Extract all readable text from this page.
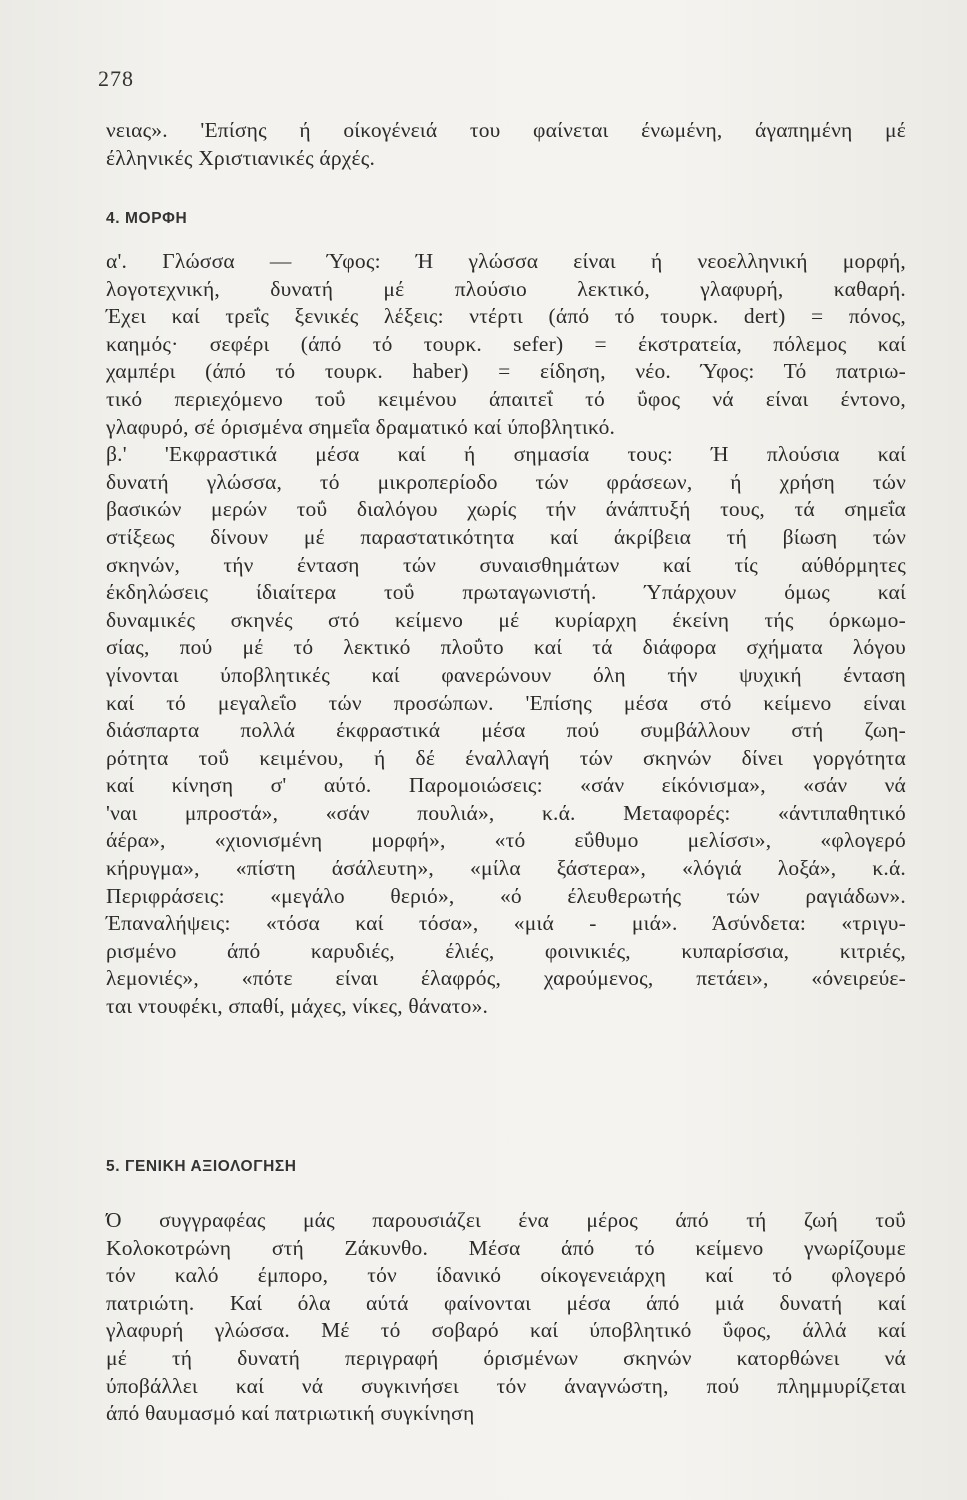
278
νειας». 'Επίσης ή οίκογένειά του φαίνεται ένωμένη, άγαπημένη μέ
έλληνικές Χριστιανικές άρχές.
4. ΜΟΡΦΗ
α'. Γλώσσα — Ύφος: Ή γλώσσα είναι ή νεοελληνική μορφή,
λογοτεχνική, δυνατή μέ πλούσιο λεκτικό, γλαφυρή, καθαρή.
Έχει καί τρεΐς ξενικές λέξεις: ντέρτι (άπό τό τουρκ. dert) = πόνος,
καημός· σεφέρι (άπό τό τουρκ. sefer) = έκστρατεία, πόλεμος καί
χαμπέρι (άπό τό τουρκ. haber) = είδηση, νέο. Ύφος: Τό πατριω-
τικό περιεχόμενο τοΰ κειμένου άπαιτεΐ τό ΰφος νά είναι έντονο,
γλαφυρό, σέ όρισμένα σημεΐα δραματικό καί ύποβλητικό.
β.' 'Εκφραστικά μέσα καί ή σημασία τους: Ή πλούσια καί
δυνατή γλώσσα, τό μικροπερίοδο τών φράσεων, ή χρήση τών
βασικών μερών τοΰ διαλόγου χωρίς τήν άνάπτυξή τους, τά σημεΐα
στίξεως δίνουν μέ παραστατικότητα καί άκρίβεια τή βίωση τών
σκηνών, τήν ένταση τών συναισθημάτων καί τίς αύθόρμητες
έκδηλώσεις ίδιαίτερα τοΰ πρωταγωνιστή. Ύπάρχουν όμως καί
δυναμικές σκηνές στό κείμενο μέ κυρίαρχη έκείνη τής όρκωμο-
σίας, πού μέ τό λεκτικό πλοΰτο καί τά διάφορα σχήματα λόγου
γίνονται ύποβλητικές καί φανερώνουν όλη τήν ψυχική ένταση
καί τό μεγαλεΐο τών προσώπων. 'Επίσης μέσα στό κείμενο είναι
διάσπαρτα πολλά έκφραστικά μέσα πού συμβάλλουν στή ζωη-
ρότητα τοΰ κειμένου, ή δέ έναλλαγή τών σκηνών δίνει γοργότητα
καί κίνηση σ' αύτό. Παρομοιώσεις: «σάν είκόνισμα», «σάν νά
'ναι μπροστά», «σάν πουλιά», κ.ά. Μεταφορές: «άντιπαθητικό
άέρα», «χιονισμένη μορφή», «τό εΰθυμο μελίσσι», «φλογερό
κήρυγμα», «πίστη άσάλευτη», «μίλα ξάστερα», «λόγιά λοξά», κ.ά.
Περιφράσεις: «μεγάλο θεριό», «ό έλευθερωτής τών ραγιάδων».
Έπαναλήψεις: «τόσα καί τόσα», «μιά - μιά». Άσύνδετα: «τριγυ-
ρισμένο άπό καρυδιές, έλιές, φοινικιές, κυπαρίσσια, κιτριές,
λεμονιές», «πότε είναι έλαφρός, χαρούμενος, πετάει», «όνειρεύε-
ται ντουφέκι, σπαθί, μάχες, νίκες, θάνατο».
5. ΓΕΝΙΚΗ ΑΞΙΟΛΟΓΗΣΗ
Ό συγγραφέας μάς παρουσιάζει ένα μέρος άπό τή ζωή τοΰ
Κολοκοτρώνη στή Ζάκυνθο. Μέσα άπό τό κείμενο γνωρίζουμε
τόν καλό έμπορο, τόν ίδανικό οίκογενειάρχη καί τό φλογερό
πατριώτη. Καί όλα αύτά φαίνονται μέσα άπό μιά δυνατή καί
γλαφυρή γλώσσα. Μέ τό σοβαρό καί ύποβλητικό ΰφος, άλλά καί
μέ τή δυνατή περιγραφή όρισμένων σκηνών κατορθώνει νά
ύποβάλλει καί νά συγκινήσει τόν άναγνώστη, πού πλημμυρίζεται
άπό θαυμασμό καί πατριωτική συγκίνηση
